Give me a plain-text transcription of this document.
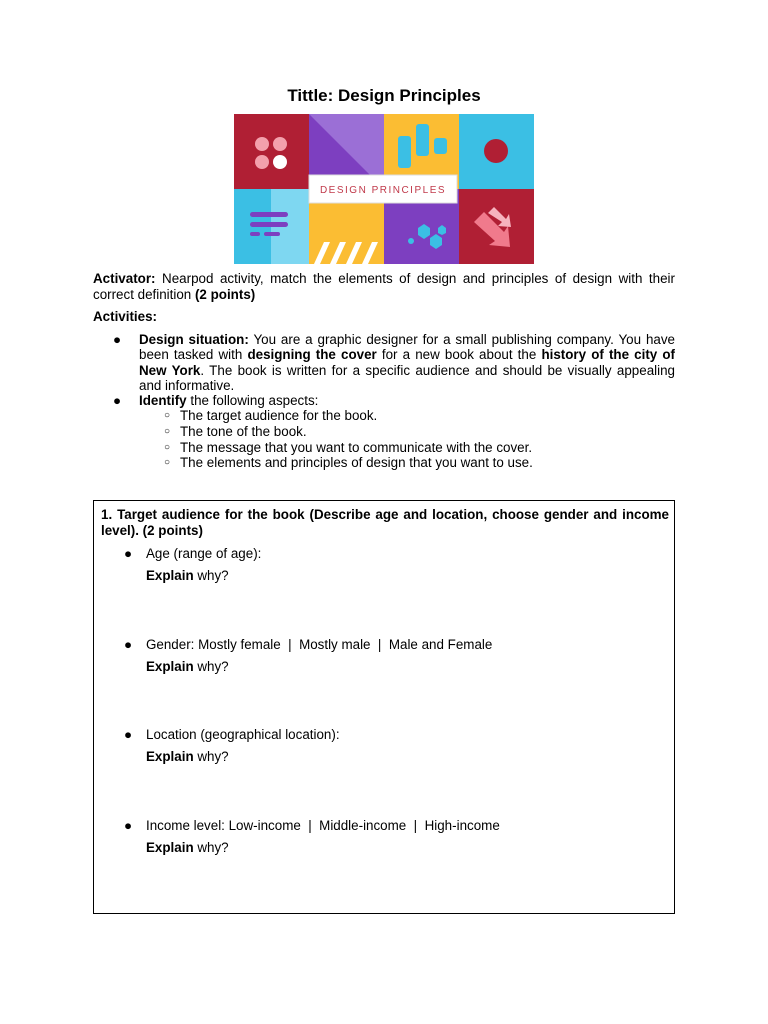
Tittle: Design Principles
DESIGN PRINCIPLES
Activator: Nearpod activity, match the elements of design and principles of design with their correct definition (2 points)
Activities:
● Design situation: You are a graphic designer for a small publishing company. You have been tasked with designing the cover for a new book about the history of the city of New York. The book is written for a specific audience and should be visually appealing and informative.
● Identify the following aspects:
○ The target audience for the book.
○ The tone of the book.
○ The message that you want to communicate with the cover.
○ The elements and principles of design that you want to use.
1. Target audience for the book (Describe age and location, choose gender and income level). (2 points)
● Age (range of age):
Explain why?
● Gender: Mostly female  |  Mostly male  |  Male and Female
Explain why?
● Location (geographical location):
Explain why?
● Income level: Low-income  |  Middle-income  |  High-income
Explain why?
